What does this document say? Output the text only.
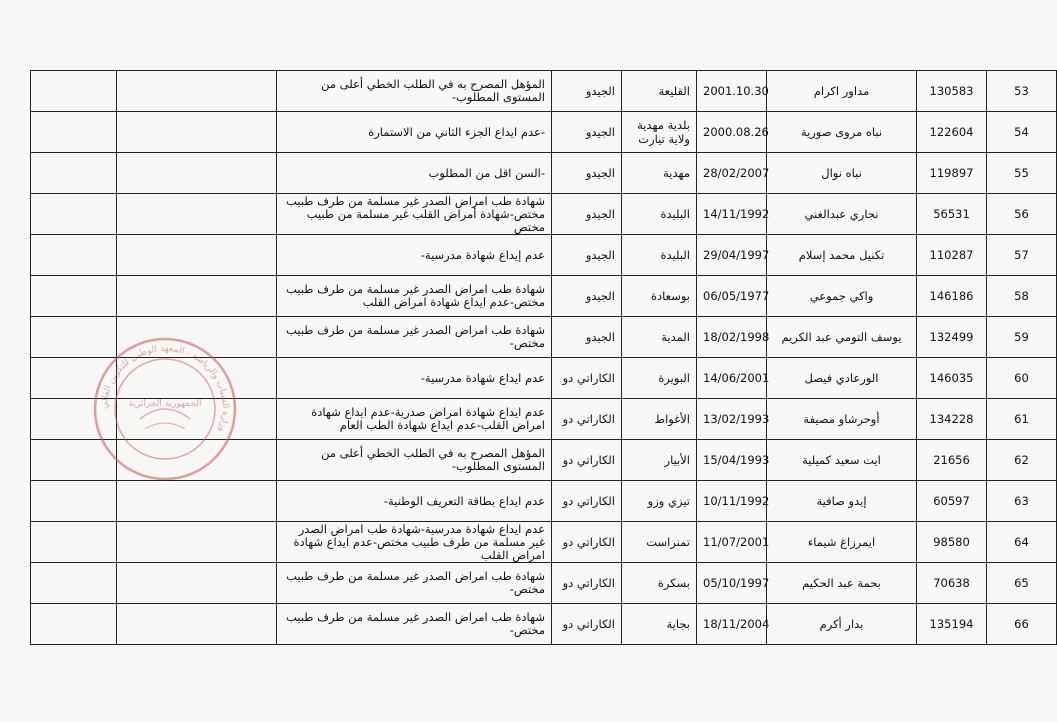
53	130583	مداور اكرام	2001.10.30	القليعة	الجيدو	المؤهل المصرح به في الطلب الخطي أعلى من المستوى المطلوب-		
54	122604	نباه مروى صورية	2000.08.26	بلدية مهدية ولاية تيارت	الجيدو	-عدم ايداع الجزء الثاني من الاستمارة		
55	119897	نباه نوال	28/02/2007	مهدية	الجيدو	-السن اقل من المطلوب		
56	56531	نجاري عبدالغني	14/11/1992	البليدة	الجيدو	شهادة طب امراض الصدر غير مسلمة من طرف طبيب مختص-شهادة أمراض القلب غير مسلمة من طبيب مختص		
57	110287	تكنيل محمد إسلام	29/04/1997	البليدة	الجيدو	عدم إيداع شهادة مدرسية-		
58	146186	واكي جموعي	06/05/1977	بوسعادة	الجيدو	شهادة طب امراض الصدر غير مسلمة من طرف طبيب مختص-عدم ايداع شهادة امراض القلب		
59	132499	يوسف التومي عبد الكريم	18/02/1998	المدية	الجيدو	شهادة طب امراض الصدر غير مسلمة من طرف طبيب مختص-		
60	146035	الورعادي فيصل	14/06/2001	البويرة	الكاراتي دو	عدم ايداع شهادة مدرسية-		
61	134228	أوحرشاو مصيفة	13/02/1993	الأغواط	الكاراتي دو	عدم ايداع شهادة امراض صدرية-عدم ايداع شهادة امراض القلب-عدم ايداع شهادة الطب العام		
62	21656	ايت سعيد كميلية	15/04/1993	الأبيار	الكاراتي دو	المؤهل المصرح به في الطلب الخطي أعلى من المستوى المطلوب-		
63	60597	إيدو صافية	10/11/1992	تيزي وزو	الكاراتي دو	عدم ايداع بطاقة التعريف الوطنية-		
64	98580	ايمرزاغ شيماء	11/07/2001	تمنراست	الكاراتي دو	عدم ايداع شهادة مدرسية-شهادة طب امراض الصدر غير مسلمة من طرف طبيب مختص-عدم ايداع شهادة امراض القلب		
65	70638	بحمة عبد الحكيم	05/10/1997	بسكرة	الكاراتي دو	شهادة طب امراض الصدر غير مسلمة من طرف طبيب مختص-		
66	135194	بدار أكرم	18/11/2004	بجاية	الكاراتي دو	شهادة طب امراض الصدر غير مسلمة من طرف طبيب مختص-		
وزارة الشباب والرياضة - المعهد الوطني للتكوين العالي
الجمهورية الجزائرية
